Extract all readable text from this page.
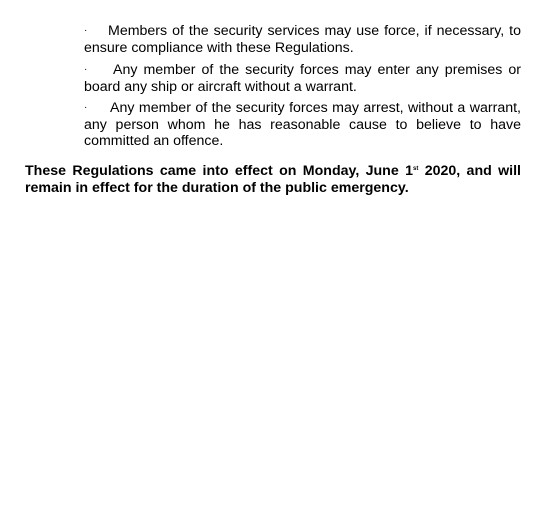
· Members of the security services may use force, if necessary, to ensure compliance with these Regulations.

· Any member of the security forces may enter any premises or board any ship or aircraft without a warrant.

· Any member of the security forces may arrest, without a warrant, any person whom he has reasonable cause to believe to have committed an offence.

These Regulations came into effect on Monday, June 1st 2020, and will remain in effect for the duration of the public emergency.
